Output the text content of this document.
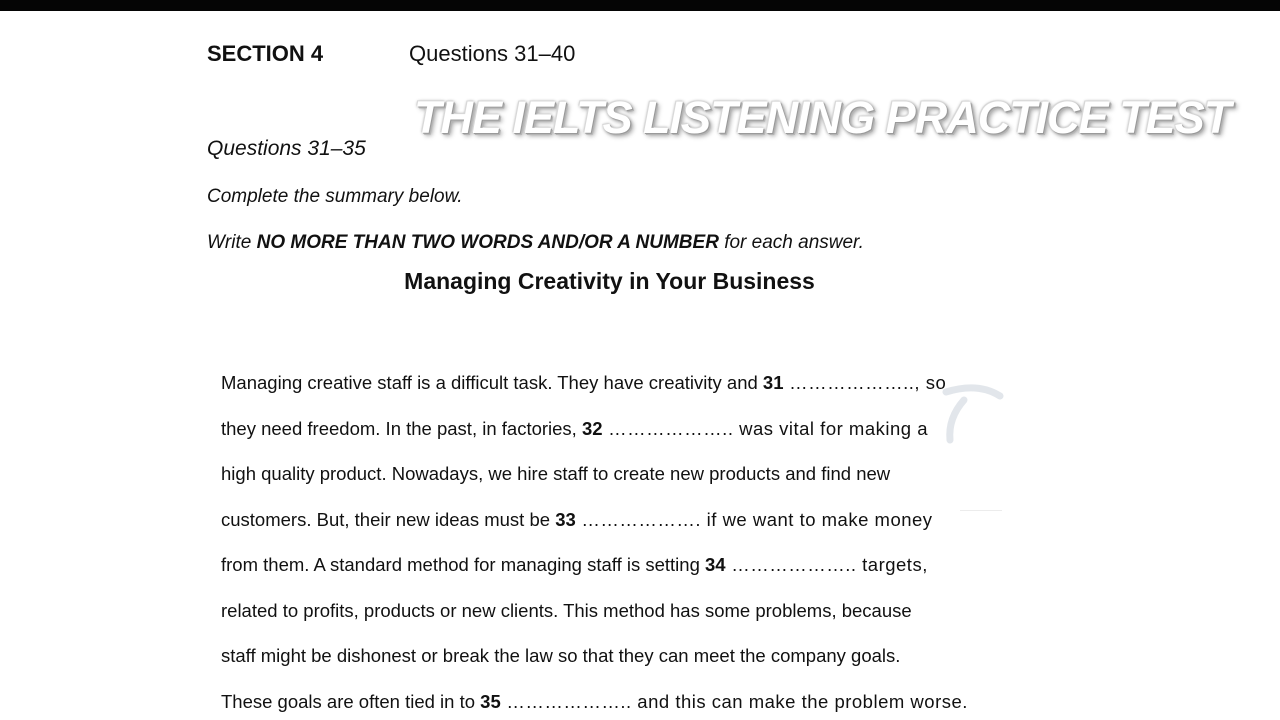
SECTION 4	Questions 31–40
THE IELTS LISTENING PRACTICE TEST
Questions 31–35
Complete the summary below.
Write NO MORE THAN TWO WORDS AND/OR A NUMBER for each answer.
Managing Creativity in Your Business
Managing creative staff is a difficult task. They have creativity and 31 ……………….., so
they need freedom. In the past, in factories, 32 ……………….. was vital for making a
high quality product. Nowadays, we hire staff to create new products and find new
customers. But, their new ideas must be 33 ………………. if we want to make money
from them. A standard method for managing staff is setting 34 ……………….. targets,
related to profits, products or new clients. This method has some problems, because
staff might be dishonest or break the law so that they can meet the company goals.
These goals are often tied in to 35 ……………….. and this can make the problem worse.
